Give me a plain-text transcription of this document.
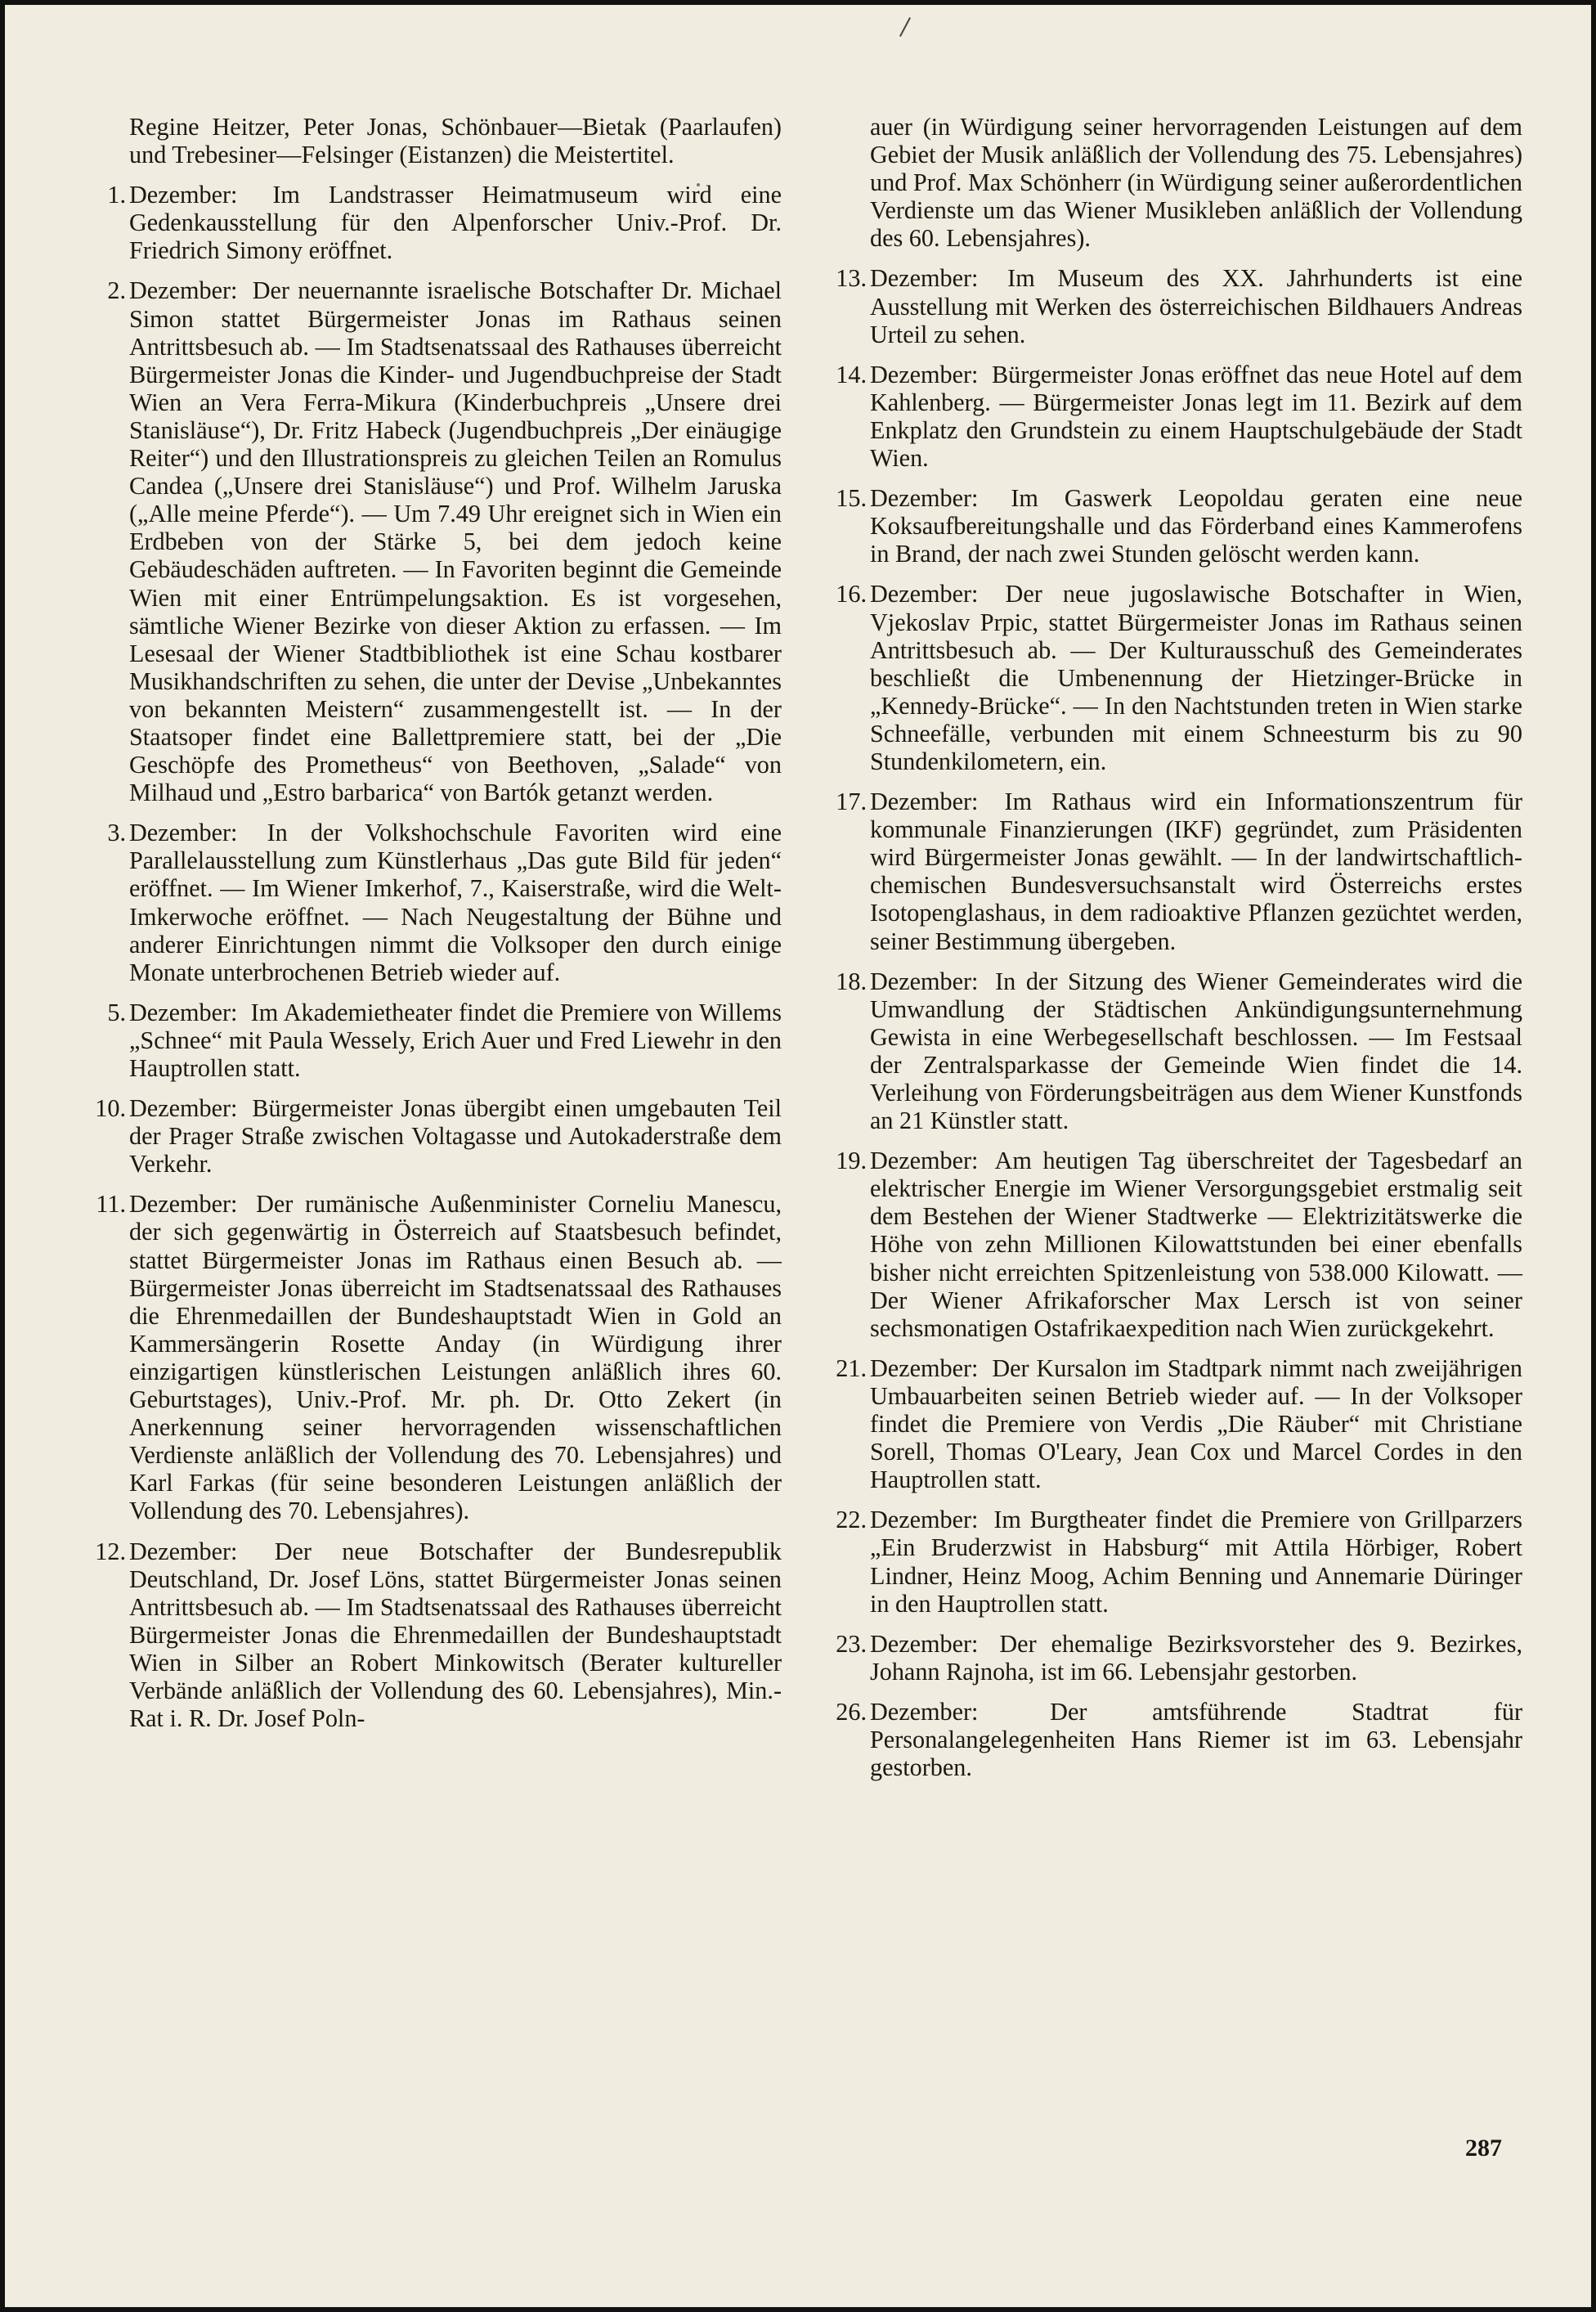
Regine Heitzer, Peter Jonas, Schönbauer—Bietak (Paarlaufen) und Trebesiner—Felsinger (Eistanzen) die Meistertitel.

1. Dezember: Im Landstrasser Heimatmuseum wird eine Gedenkausstellung für den Alpenforscher Univ.-Prof. Dr. Friedrich Simony eröffnet.
2. Dezember: Der neuernannte israelische Botschafter Dr. Michael Simon stattet Bürgermeister Jonas im Rathaus seinen Antrittsbesuch ab. — Im Stadtsenatssaal des Rathauses überreicht Bürgermeister Jonas die Kinder- und Jugendbuchpreise der Stadt Wien an Vera Ferra-Mikura (Kinderbuchpreis „Unsere drei Stanisläuse“), Dr. Fritz Habeck (Jugendbuchpreis „Der einäugige Reiter“) und den Illustrationspreis zu gleichen Teilen an Romulus Candea („Unsere drei Stanisläuse“) und Prof. Wilhelm Jaruska („Alle meine Pferde“). — Um 7.49 Uhr ereignet sich in Wien ein Erdbeben von der Stärke 5, bei dem jedoch keine Gebäudeschäden auftreten. — In Favoriten beginnt die Gemeinde Wien mit einer Entrümpelungsaktion. Es ist vorgesehen, sämtliche Wiener Bezirke von dieser Aktion zu erfassen. — Im Lesesaal der Wiener Stadtbibliothek ist eine Schau kostbarer Musikhandschriften zu sehen, die unter der Devise „Unbekanntes von bekannten Meistern“ zusammengestellt ist. — In der Staatsoper findet eine Ballettpremiere statt, bei der „Die Geschöpfe des Prometheus“ von Beethoven, „Salade“ von Milhaud und „Estro barbarica“ von Bartók getanzt werden.
3. Dezember: In der Volkshochschule Favoriten wird eine Parallelausstellung zum Künstlerhaus „Das gute Bild für jeden“ eröffnet. — Im Wiener Imkerhof, 7., Kaiserstraße, wird die Welt-Imkerwoche eröffnet. — Nach Neugestaltung der Bühne und anderer Einrichtungen nimmt die Volksoper den durch einige Monate unterbrochenen Betrieb wieder auf.
5. Dezember: Im Akademietheater findet die Premiere von Willems „Schnee“ mit Paula Wessely, Erich Auer und Fred Liewehr in den Hauptrollen statt.
10. Dezember: Bürgermeister Jonas übergibt einen umgebauten Teil der Prager Straße zwischen Voltagasse und Autokaderstraße dem Verkehr.
11. Dezember: Der rumänische Außenminister Corneliu Manescu, der sich gegenwärtig in Österreich auf Staatsbesuch befindet, stattet Bürgermeister Jonas im Rathaus einen Besuch ab. — Bürgermeister Jonas überreicht im Stadtsenatssaal des Rathauses die Ehrenmedaillen der Bundeshauptstadt Wien in Gold an Kammersängerin Rosette Anday (in Würdigung ihrer einzigartigen künstlerischen Leistungen anläßlich ihres 60. Geburtstages), Univ.-Prof. Mr. ph. Dr. Otto Zekert (in Anerkennung seiner hervorragenden wissenschaftlichen Verdienste anläßlich der Vollendung des 70. Lebensjahres) und Karl Farkas (für seine besonderen Leistungen anläßlich der Vollendung des 70. Lebensjahres).
12. Dezember: Der neue Botschafter der Bundesrepublik Deutschland, Dr. Josef Löns, stattet Bürgermeister Jonas seinen Antrittsbesuch ab. — Im Stadtsenatssaal des Rathauses überreicht Bürgermeister Jonas die Ehrenmedaillen der Bundeshauptstadt Wien in Silber an Robert Minkowitsch (Berater kultureller Verbände anläßlich der Vollendung des 60. Lebensjahres), Min.-Rat i. R. Dr. Josef Poln-

auer (in Würdigung seiner hervorragenden Leistungen auf dem Gebiet der Musik anläßlich der Vollendung des 75. Lebensjahres) und Prof. Max Schönherr (in Würdigung seiner außerordentlichen Verdienste um das Wiener Musikleben anläßlich der Vollendung des 60. Lebensjahres).

13. Dezember: Im Museum des XX. Jahrhunderts ist eine Ausstellung mit Werken des österreichischen Bildhauers Andreas Urteil zu sehen.
14. Dezember: Bürgermeister Jonas eröffnet das neue Hotel auf dem Kahlenberg. — Bürgermeister Jonas legt im 11. Bezirk auf dem Enkplatz den Grundstein zu einem Hauptschulgebäude der Stadt Wien.
15. Dezember: Im Gaswerk Leopoldau geraten eine neue Koksaufbereitungshalle und das Förderband eines Kammerofens in Brand, der nach zwei Stunden gelöscht werden kann.
16. Dezember: Der neue jugoslawische Botschafter in Wien, Vjekoslav Prpic, stattet Bürgermeister Jonas im Rathaus seinen Antrittsbesuch ab. — Der Kulturausschuß des Gemeinderates beschließt die Umbenennung der Hietzinger-Brücke in „Kennedy-Brücke“. — In den Nachtstunden treten in Wien starke Schneefälle, verbunden mit einem Schneesturm bis zu 90 Stundenkilometern, ein.
17. Dezember: Im Rathaus wird ein Informationszentrum für kommunale Finanzierungen (IKF) gegründet, zum Präsidenten wird Bürgermeister Jonas gewählt. — In der landwirtschaftlich-chemischen Bundesversuchsanstalt wird Österreichs erstes Isotopenglashaus, in dem radioaktive Pflanzen gezüchtet werden, seiner Bestimmung übergeben.
18. Dezember: In der Sitzung des Wiener Gemeinderates wird die Umwandlung der Städtischen Ankündigungsunternehmung Gewista in eine Werbegesellschaft beschlossen. — Im Festsaal der Zentralsparkasse der Gemeinde Wien findet die 14. Verleihung von Förderungsbeiträgen aus dem Wiener Kunstfonds an 21 Künstler statt.
19. Dezember: Am heutigen Tag überschreitet der Tagesbedarf an elektrischer Energie im Wiener Versorgungsgebiet erstmalig seit dem Bestehen der Wiener Stadtwerke — Elektrizitätswerke die Höhe von zehn Millionen Kilowattstunden bei einer ebenfalls bisher nicht erreichten Spitzenleistung von 538.000 Kilowatt. — Der Wiener Afrikaforscher Max Lersch ist von seiner sechsmonatigen Ostafrikaexpedition nach Wien zurückgekehrt.
21. Dezember: Der Kursalon im Stadtpark nimmt nach zweijährigen Umbauarbeiten seinen Betrieb wieder auf. — In der Volksoper findet die Premiere von Verdis „Die Räuber“ mit Christiane Sorell, Thomas O'Leary, Jean Cox und Marcel Cordes in den Hauptrollen statt.
22. Dezember: Im Burgtheater findet die Premiere von Grillparzers „Ein Bruderzwist in Habsburg“ mit Attila Hörbiger, Robert Lindner, Heinz Moog, Achim Benning und Annemarie Düringer in den Hauptrollen statt.
23. Dezember: Der ehemalige Bezirksvorsteher des 9. Bezirkes, Johann Rajnoha, ist im 66. Lebensjahr gestorben.
26. Dezember:	Der amtsführende Stadtrat für Personalangelegenheiten Hans Riemer ist im 63. Lebensjahr gestorben.
287
